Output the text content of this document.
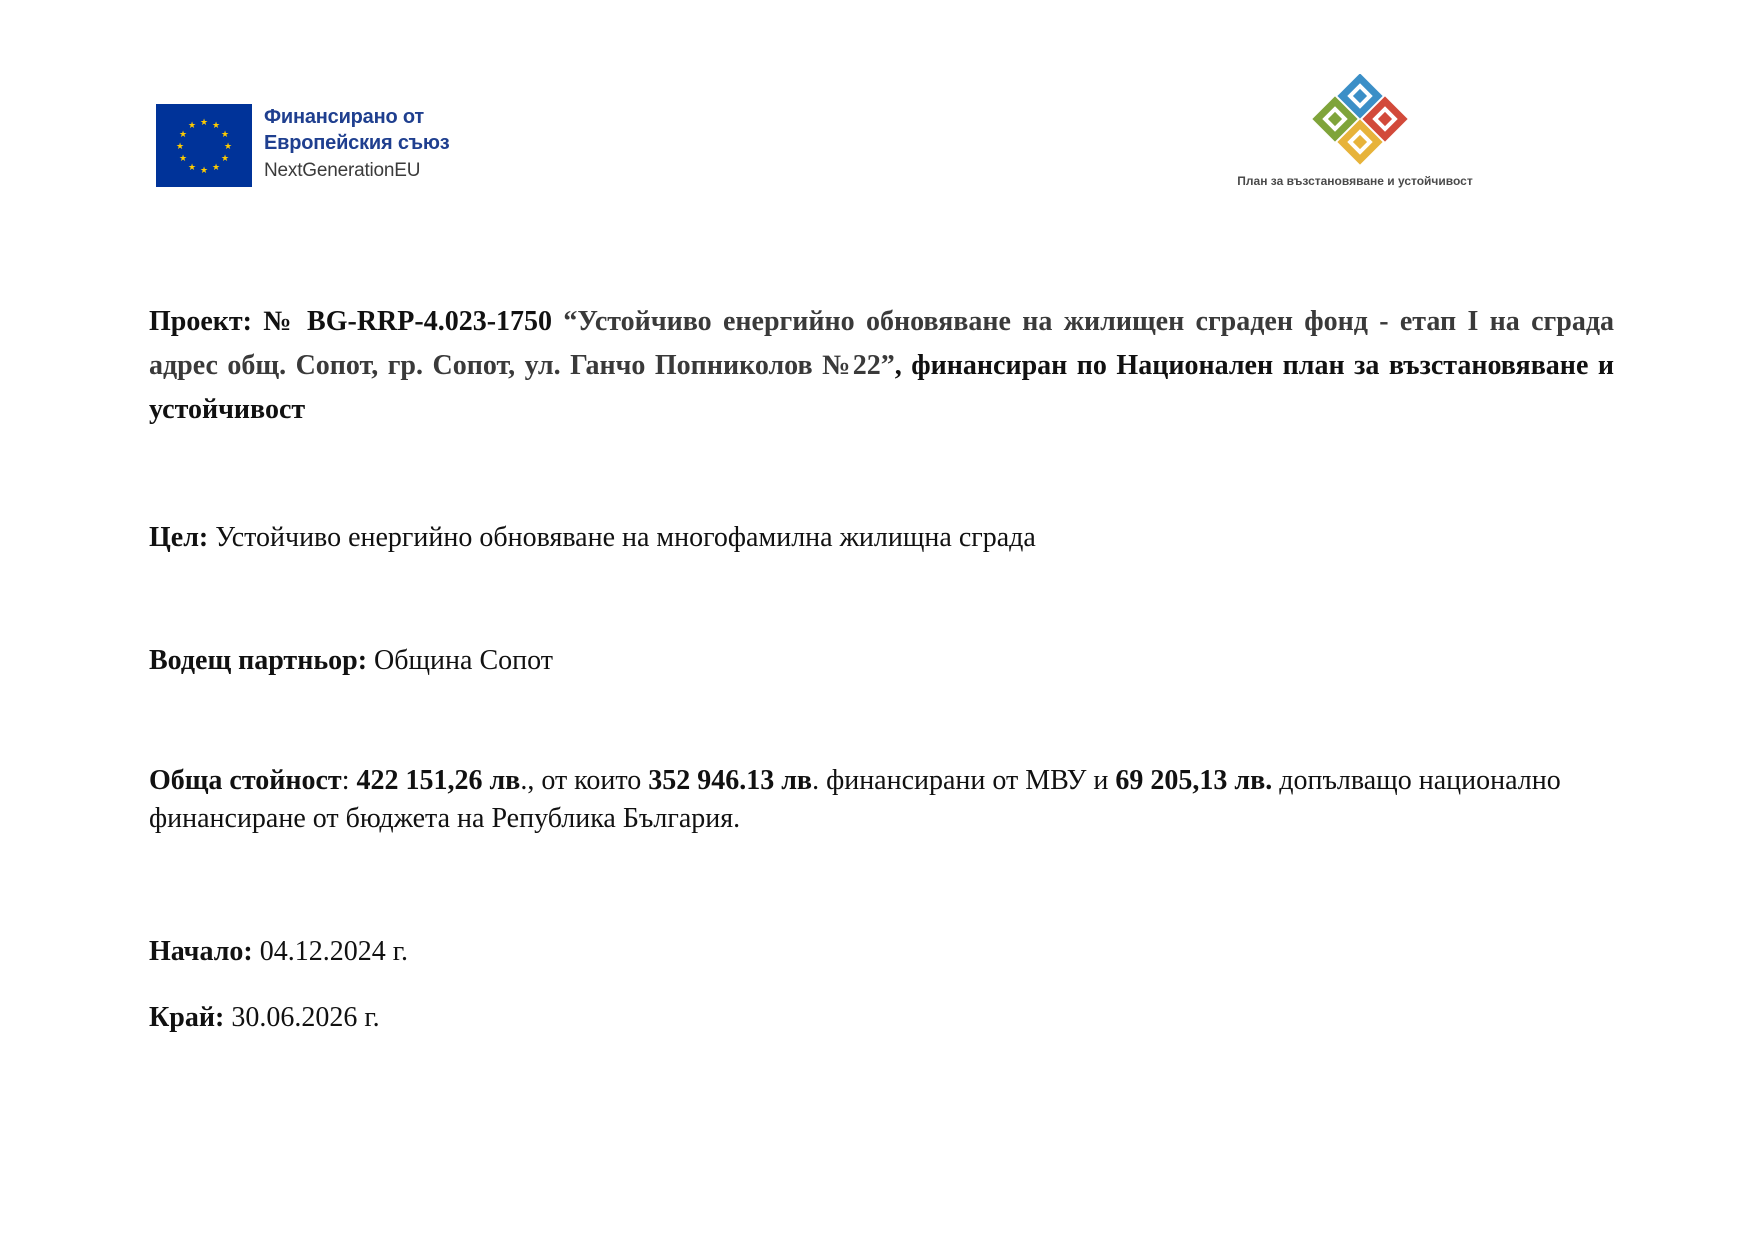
★ ★
★
★
★
★
★
★
★
★
★
★	Финансирано от
Европейския съюз
NextGenerationEU	План за възстановяване и устойчивост
Проект: № BG-RRP-4.023-1750 “Устойчиво енергийно обновяване на жилищен сграден фонд - етап I на сграда адрес общ. Сопот, гр. Сопот, ул. Ганчо Попниколов №22”, финансиран по Национален план за възстановяване и устойчивост
Цел: Устойчиво енергийно обновяване на многофамилна жилищна сграда
Водещ партньор: Община Сопот
Обща стойност: 422 151,26 лв., от които 352 946.13 лв. финансирани от МВУ и 69 205,13 лв. допълващо национално финансиране от бюджета на Република България.
Начало: 04.12.2024 г.
Край: 30.06.2026 г.
